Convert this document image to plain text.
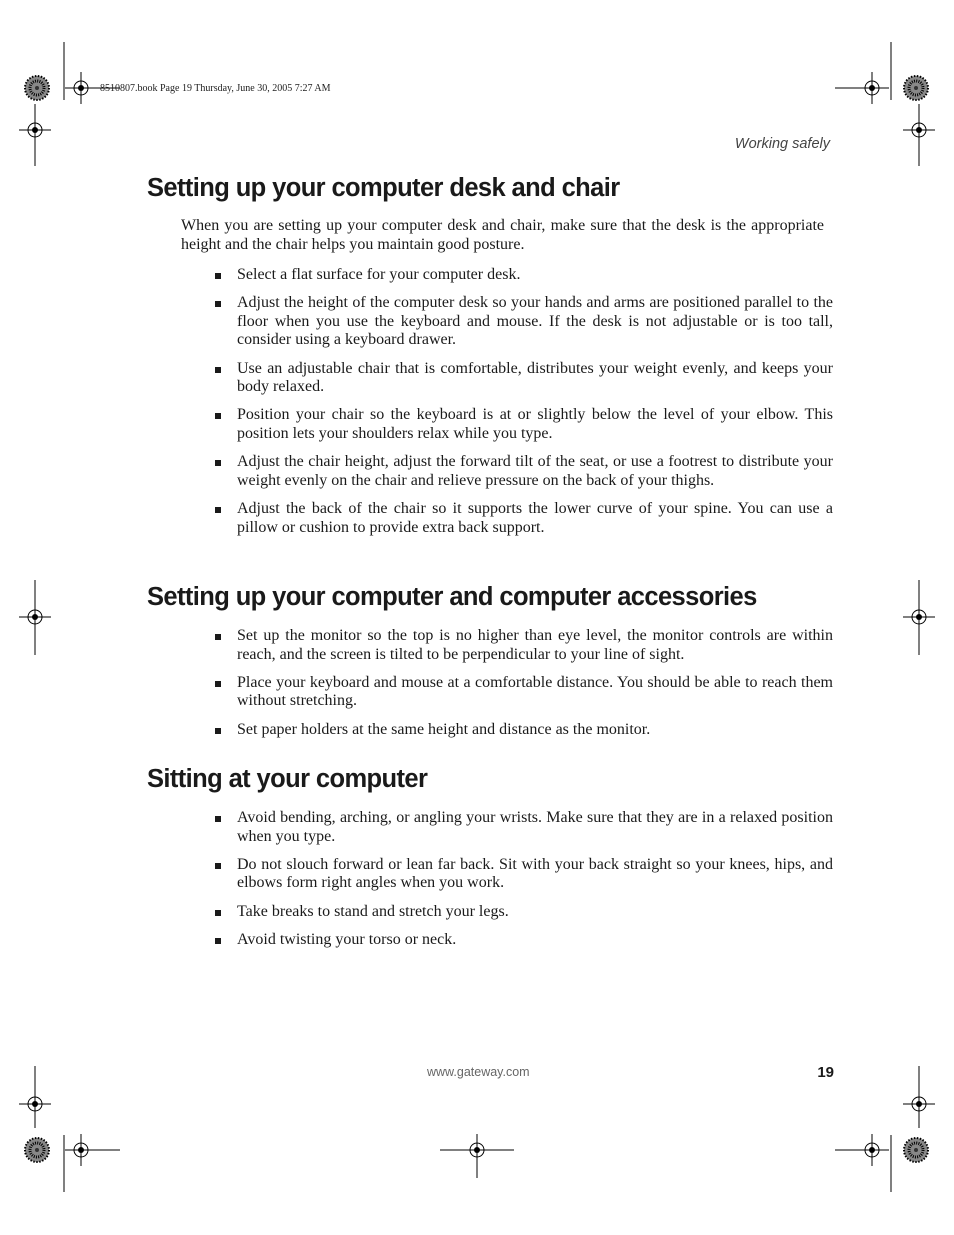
8510807.book Page 19 Thursday, June 30, 2005 7:27 AM
Working safely
Setting up your computer desk and chair

When you are setting up your computer desk and chair, make sure that the desk is the appropriate height and the chair helps you maintain good posture.

Select a flat surface for your computer desk.
Adjust the height of the computer desk so your hands and arms are positioned parallel to the floor when you use the keyboard and mouse. If the desk is not adjustable or is too tall, consider using a keyboard drawer.
Use an adjustable chair that is comfortable, distributes your weight evenly, and keeps your body relaxed.
Position your chair so the keyboard is at or slightly below the level of your elbow. This position lets your shoulders relax while you type.
Adjust the chair height, adjust the forward tilt of the seat, or use a footrest to distribute your weight evenly on the chair and relieve pressure on the back of your thighs.
Adjust the back of the chair so it supports the lower curve of your spine. You can use a pillow or cushion to provide extra back support.
Setting up your computer and computer accessories
Set up the monitor so the top is no higher than eye level, the monitor controls are within reach, and the screen is tilted to be perpendicular to your line of sight.
Place your keyboard and mouse at a comfortable distance. You should be able to reach them without stretching.
Set paper holders at the same height and distance as the monitor.
Sitting at your computer
Avoid bending, arching, or angling your wrists. Make sure that they are in a relaxed position when you type.
Do not slouch forward or lean far back. Sit with your back straight so your knees, hips, and elbows form right angles when you work.
Take breaks to stand and stretch your legs.
Avoid twisting your torso or neck.
www.gateway.com	19
